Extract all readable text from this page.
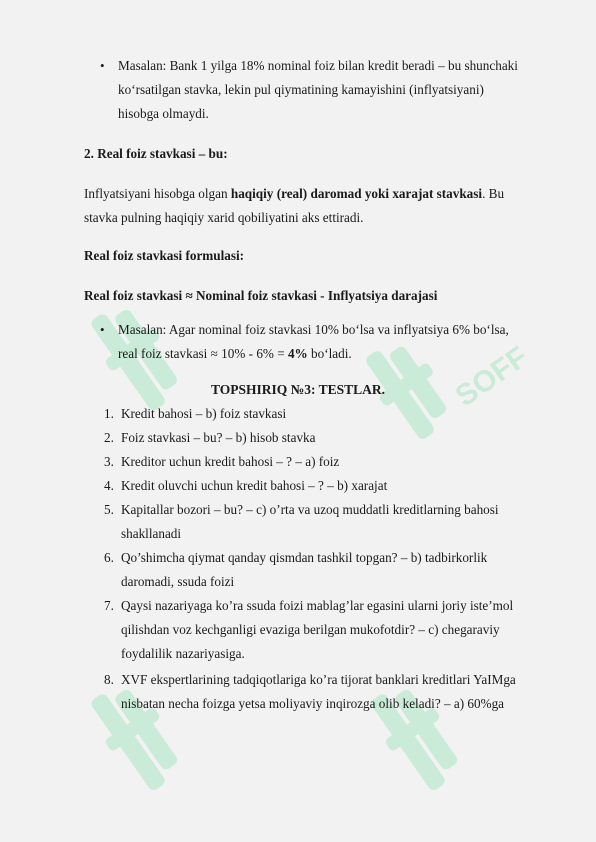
SOFF
• Masalan: Bank 1 yilga 18% nominal foiz bilan kredit beradi – bu shunchaki
ko‘rsatilgan stavka, lekin pul qiymatining kamayishini (inflyatsiyani)
hisobga olmaydi.
2. Real foiz stavkasi – bu:
Inflyatsiyani hisobga olgan haqiqiy (real) daromad yoki xarajat stavkasi. Bu
stavka pulning haqiqiy xarid qobiliyatini aks ettiradi.
Real foiz stavkasi formulasi:
Real foiz stavkasi ≈ Nominal foiz stavkasi - Inflyatsiya darajasi
• Masalan: Agar nominal foiz stavkasi 10% bo‘lsa va inflyatsiya 6% bo‘lsa,
real foiz stavkasi ≈ 10% - 6% = 4% bo‘ladi.
TOPSHIRIQ №3: TESTLAR.
1. Kredit bahosi – b) foiz stavkasi
2. Foiz stavkasi – bu? – b) hisob stavka
3. Kreditor uchun kredit bahosi – ? – a) foiz
4. Kredit oluvchi uchun kredit bahosi – ? – b) xarajat
5. Kapitallar bozori – bu? – c) o’rta va uzoq muddatli kreditlarning bahosi
shakllanadi
6. Qo’shimcha qiymat qanday qismdan tashkil topgan? – b) tadbirkorlik
daromadi, ssuda foizi
7. Qaysi nazariyaga ko’ra ssuda foizi mablag’lar egasini ularni joriy iste’mol
qilishdan voz kechganligi evaziga berilgan mukofotdir? – c) chegaraviy
foydalilik nazariyasiga.
8. XVF ekspertlarining tadqiqotlariga ko’ra tijorat banklari kreditlari YaIMga
nisbatan necha foizga yetsa moliyaviy inqirozga olib keladi? – a) 60%ga
